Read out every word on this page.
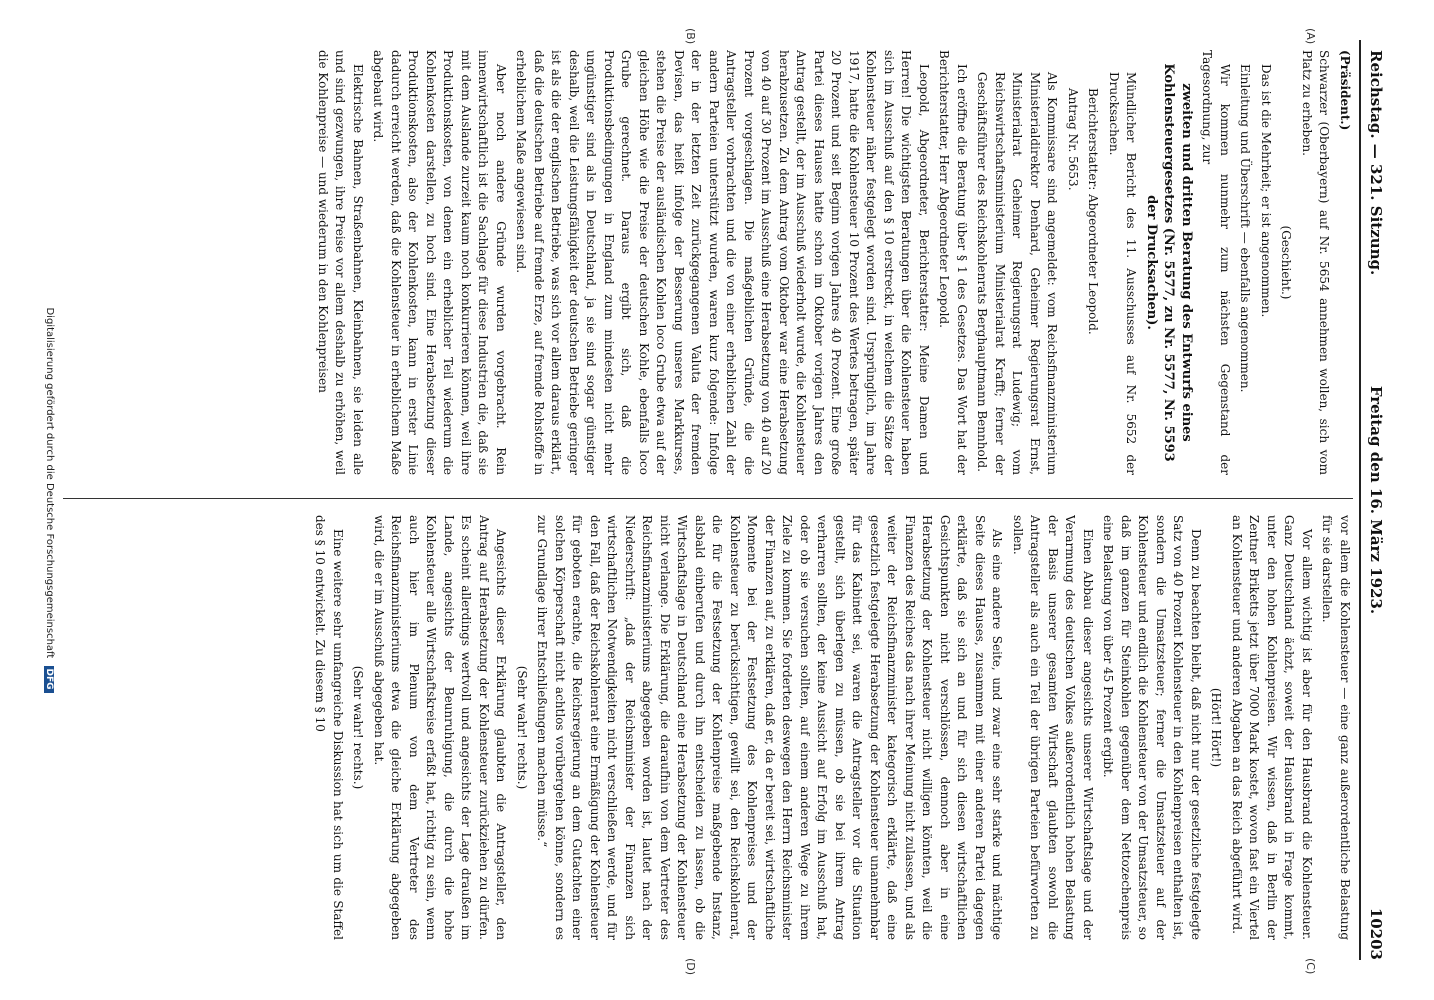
Reichstag. — 321. Sitzung.
Freitag den 16. März 1923.
10203
(A)
(B)
(C)
(D)

(Präsident.)

Schwarzer (Oberbayern) auf Nr. 5654 annehmen wollen, sich vom Platz zu erheben.

(Geschieht.)

Das ist die Mehrheit; er ist angenommen.

Einleitung und Überschrift — ebenfalls angenommen.

Wir kommen nunmehr zum nächsten Gegenstand der Tagesordnung, zur

zweiten und dritten Beratung des Entwurfs eines Kohlensteuergesetzes (Nr. 5577, zu Nr. 5577, Nr. 5593 der Drucksachen).

Mündlicher Bericht des 11. Ausschusses auf Nr. 5652 der Drucksachen.

Berichterstatter: Abgeordneter Leopold.

Antrag Nr. 5653.

Als Kommissare sind angemeldet: vom Reichsfinanzministerium Ministerialdirektor Denhard, Geheimer Regierungsrat Ernst, Ministerialrat Geheimer Regierungsrat Ludewig; vom Reichswirtschaftsministerium Ministerialrat Krafft; ferner der Geschäftsführer des Reichskohlenrats Berghauptmann Bennhold.

Ich eröffne die Beratung über § 1 des Gesetzes. Das Wort hat der Berichterstatter, Herr Abgeordneter Leopold.

Leopold, Abgeordneter, Berichterstatter: Meine Damen und Herren! Die wichtigsten Beratungen über die Kohlensteuer haben sich im Ausschuß auf den § 10 erstreckt, in welchem die Sätze der Kohlensteuer näher festgelegt worden sind. Ursprünglich, im Jahre 1917, hatte die Kohlensteuer 10 Prozent des Wertes betragen, später 20 Prozent und seit Beginn vorigen Jahres 40 Prozent. Eine große Partei dieses Hauses hatte schon im Oktober vorigen Jahres den Antrag gestellt, der im Ausschuß wiederholt wurde, die Kohlensteuer herabzusetzen. Zu dem Antrag vom Oktober war eine Herabsetzung von 40 auf 30 Prozent im Ausschuß eine Herabsetzung von 40 auf 20 Prozent vorgeschlagen. Die maßgeblichen Gründe, die die Antragsteller vorbrachten und die von einer erheblichen Zahl der andern Parteien unterstützt wurden, waren kurz folgende: Infolge der in der letzten Zeit zurückgegangenen Valuta der fremden Devisen, das heißt infolge der Besserung unseres Markkurses, stehen die Preise der ausländischen Kohlen loco Grube etwa auf der gleichen Höhe wie die Preise der deutschen Kohle, ebenfalls loco Grube gerechnet. Daraus ergibt sich, daß die Produktionsbedingungen in England zum mindesten nicht mehr ungünstiger sind als in Deutschland, ja sie sind sogar günstiger deshalb, weil die Leistungsfähigkeit der deutschen Betriebe geringer ist als die der englischen Betriebe, was sich vor allem daraus erklärt, daß die deutschen Betriebe auf fremde Erze, auf fremde Rohstoffe in erheblichem Maße angewiesen sind.

Aber noch andere Gründe wurden vorgebracht. Rein innenwirtschaftlich ist die Sachlage für diese Industrien die, daß sie mit dem Auslande zurzeit kaum noch konkurrieren können, weil ihre Produktionskosten, von denen ein erheblicher Teil wiederum die Kohlenkosten darstellen, zu hoch sind. Eine Herabsetzung dieser Produktionskosten, also der Kohlenkosten, kann in erster Linie dadurch erreicht werden, daß die Kohlensteuer in erheblichem Maße abgebaut wird.

Elektrische Bahnen, Straßenbahnen, Kleinbahnen, sie leiden alle und sind gezwungen, ihre Preise vor allem deshalb zu erhöhen, weil die Kohlenpreise — und wiederum in den Kohlenpreisen

vor allem die Kohlensteuer — eine ganz außerordentliche Belastung für sie darstellen.

Vor allem wichtig ist aber für den Hausbrand die Kohlensteuer. Ganz Deutschland ächzt, soweit der Hausbrand in Frage kommt, unter den hohen Kohlenpreisen. Wir wissen, daß in Berlin der Zentner Briketts jetzt über 7000 Mark kostet, wovon fast ein Viertel an Kohlensteuer und anderen Abgaben an das Reich abgeführt wird.

(Hört! Hört!)

Denn zu beachten bleibt, daß nicht nur der gesetzliche festgelegte Satz von 40 Prozent Kohlensteuer in den Kohlenpreisen enthalten ist, sondern die Umsatzsteuer; ferner die Umsatzsteuer auf der Kohlensteuer und endlich die Kohlensteuer von der Umsatzsteuer, so daß im ganzen für Steinkohlen gegenüber dem Nettozechenpreis eine Belastung von über 45 Prozent ergibt.

Einen Abbau dieser angesichts unserer Wirtschaftslage und der Verarmung des deutschen Volkes außerordentlich hohen Belastung der Basis unserer gesamten Wirtschaft glaubten sowohl die Antragsteller als auch ein Teil der übrigen Parteien befürworten zu sollen.

Als eine andere Seite, und zwar eine sehr starke und mächtige Seite dieses Hauses, zusammen mit einer anderen Partei dagegen erklärte, daß sie sich an und für sich diesen wirtschaftlichen Gesichtspunkten nicht verschlössen, dennoch aber in eine Herabsetzung der Kohlensteuer nicht willigen könnten, weil die Finanzen des Reiches das nach ihrer Meinung nicht zulassen, und als weiter der Reichsfinanzminister kategorisch erklärte, daß eine gesetzlich festgelegte Herabsetzung der Kohlensteuer unannehmbar für das Kabinett sei, waren die Antragsteller vor die Situation gestellt, sich überlegen zu müssen, ob sie bei ihrem Antrag verharren sollten, der keine Aussicht auf Erfolg im Ausschuß hat, oder ob sie versuchen sollten, auf einem anderen Wege zu ihrem Ziele zu kommen. Sie forderten deswegen den Herrn Reichsminister der Finanzen auf, zu erklären, daß er, da er bereit sei, wirtschaftliche Momente bei der Festsetzung des Kohlenpreises und der Kohlensteuer zu berücksichtigen, gewillt sei, den Reichskohlenrat, die für die Festsetzung der Kohlenpreise maßgebende Instanz, alsbald einberufen und durch ihn entscheiden zu lassen, ob die Wirtschaftslage in Deutschland eine Herabsetzung der Kohlensteuer nicht verlange. Die Erklärung, die daraufhin von dem Vertreter des Reichsfinanzministeriums abgegeben worden ist, lautet nach der Niederschrift: „daß der Reichsminister der Finanzen sich wirtschaftlichen Notwendigkeiten nicht verschließen werde, und für den Fall, daß der Reichskohlenrat eine Ermäßigung der Kohlensteuer für geboten erachte, die Reichsregierung an dem Gutachten einer solchen Körperschaft nicht achtlos vorübergehen könne, sondern es zur Grundlage ihrer Entschließungen machen müsse.“

(Sehr wahr! rechts.)

Angesichts dieser Erklärung glaubten die Antragsteller, den Antrag auf Herabsetzung der Kohlensteuer zurückziehen zu dürfen. Es scheint allerdings wertvoll und angesichts der Lage draußen im Lande, angesichts der Beunruhigung, die durch die hohe Kohlensteuer alle Wirtschaftskreise erfaßt hat, richtig zu sein, wenn auch hier im Plenum von dem Vertreter des Reichsfinanzministeriums etwa die gleiche Erklärung abgegeben wird, die er im Ausschuß abgegeben hat.

(Sehr wahr! rechts.)

Eine weitere sehr umfangreiche Diskussion hat sich um die Staffel des § 10 entwickelt. Zu diesem § 10

Digitalisierung gefördert durch die Deutsche Forschungsgemeinschaft DFG
